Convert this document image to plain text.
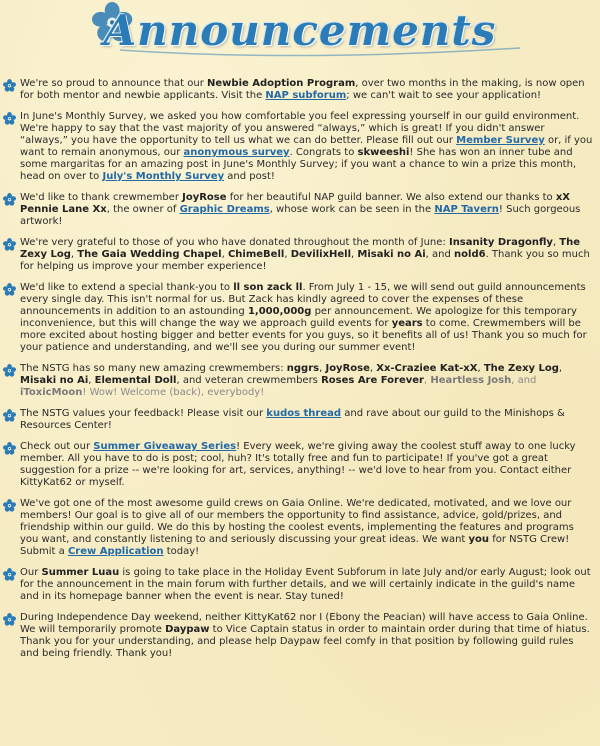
Announcements
We're so proud to announce that our Newbie Adoption Program, over two months in the making, is now open for both mentor and newbie applicants. Visit the NAP subforum; we can't wait to see your application!
In June's Monthly Survey, we asked you how comfortable you feel expressing yourself in our guild environment. We're happy to say that the vast majority of you answered “always,” which is great! If you didn't answer “always,” you have the opportunity to tell us what we can do better. Please fill out our Member Survey or, if you want to remain anonymous, our anonymous survey. Congrats to skweeshi! She has won an inner tube and some margaritas for an amazing post in June's Monthly Survey; if you want a chance to win a prize this month, head on over to July's Monthly Survey and post!
We'd like to thank crewmember JoyRose for her beautiful NAP guild banner. We also extend our thanks to xX Pennie Lane Xx, the owner of Graphic Dreams, whose work can be seen in the NAP Tavern! Such gorgeous artwork!
We're very grateful to those of you who have donated throughout the month of June: Insanity Dragonfly, The Zexy Log, The Gaia Wedding Chapel, ChimeBell, DevilixHell, Misaki no Ai, and nold6. Thank you so much for helping us improve your member experience!
We'd like to extend a special thank-you to ll son zack ll. From July 1 - 15, we will send out guild announcements every single day. This isn't normal for us. But Zack has kindly agreed to cover the expenses of these announcements in addition to an astounding 1,000,000g per announcement. We apologize for this temporary inconvenience, but this will change the way we approach guild events for years to come. Crewmembers will be more excited about hosting bigger and better events for you guys, so it benefits all of us! Thank you so much for your patience and understanding, and we'll see you during our summer event!
The NSTG has so many new amazing crewmembers: nggrs, JoyRose, Xx-Craziee Kat-xX, The Zexy Log, Misaki no Ai, Elemental Doll, and veteran crewmembers Roses Are Forever, Heartless Josh, and iToxicMoon! Wow! Welcome (back), everybody!
The NSTG values your feedback! Please visit our kudos thread and rave about our guild to the Minishops & Resources Center!
Check out our Summer Giveaway Series! Every week, we're giving away the coolest stuff away to one lucky member. All you have to do is post; cool, huh? It's totally free and fun to participate! If you've got a great suggestion for a prize -- we're looking for art, services, anything! -- we'd love to hear from you. Contact either KittyKat62 or myself.
We've got one of the most awesome guild crews on Gaia Online. We're dedicated, motivated, and we love our members! Our goal is to give all of our members the opportunity to find assistance, advice, gold/prizes, and friendship within our guild. We do this by hosting the coolest events, implementing the features and programs you want, and constantly listening to and seriously discussing your great ideas. We want you for NSTG Crew! Submit a Crew Application today!
Our Summer Luau is going to take place in the Holiday Event Subforum in late July and/or early August; look out for the announcement in the main forum with further details, and we will certainly indicate in the guild's name and in its homepage banner when the event is near. Stay tuned!
During Independence Day weekend, neither KittyKat62 nor I (Ebony the Peacian) will have access to Gaia Online. We will temporarily promote Daypaw to Vice Captain status in order to maintain order during that time of hiatus. Thank you for your understanding, and please help Daypaw feel comfy in that position by following guild rules and being friendly. Thank you!
